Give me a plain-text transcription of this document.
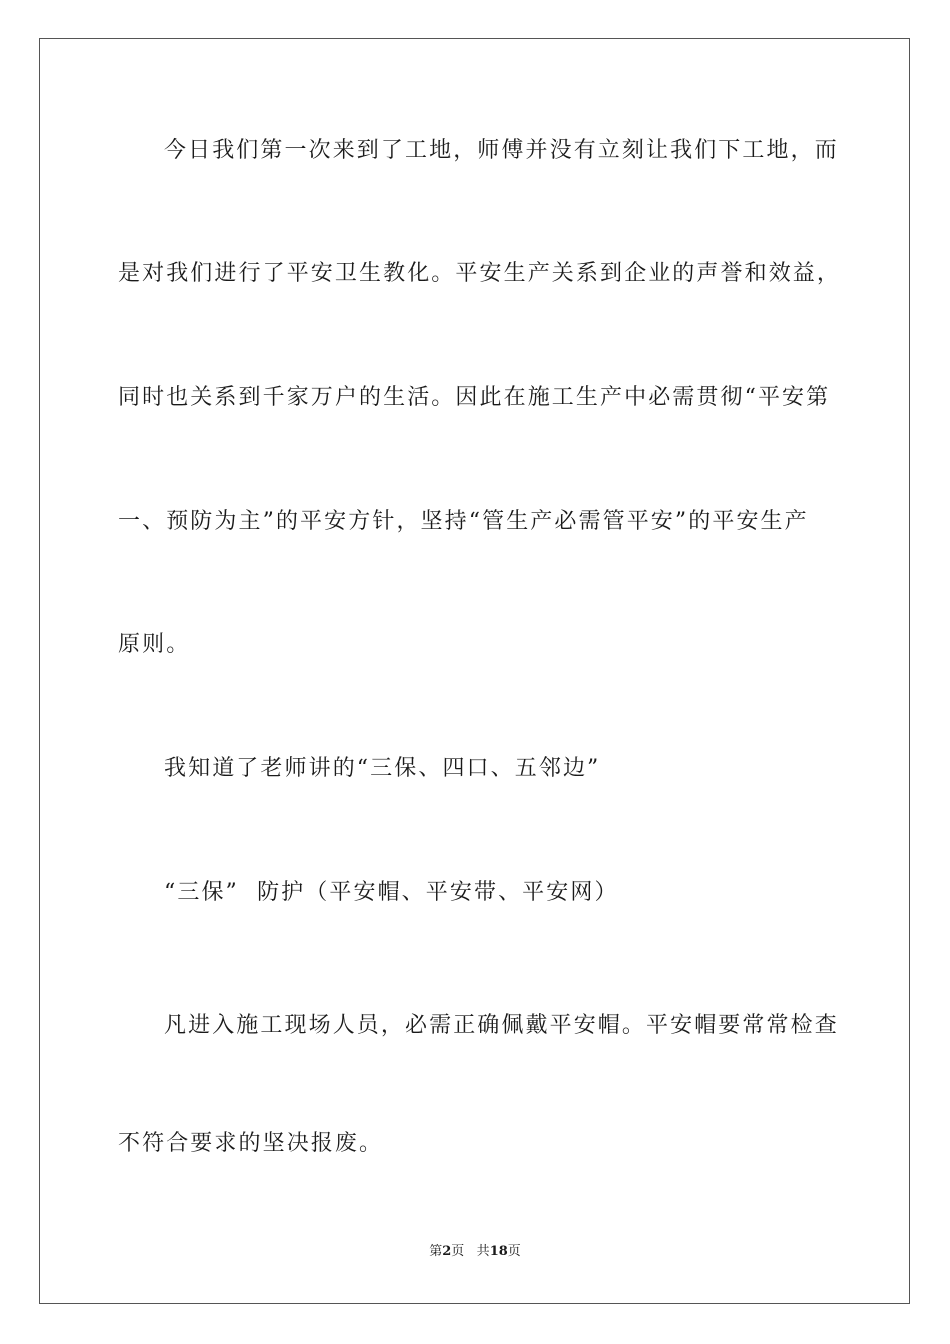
今日我们第一次来到了工地，师傅并没有立刻让我们下工地，而
是对我们进行了平安卫生教化。平安生产关系到企业的声誉和效益，
同时也关系到千家万户的生活。因此在施工生产中必需贯彻“平安第
一、预防为主”的平安方针，坚持“管生产必需管平安”的平安生产
原则。
我知道了老师讲的“三保、四口、五邻边”
“三保”  防护（平安帽、平安带、平安网）
凡进入施工现场人员，必需正确佩戴平安帽。平安帽要常常检查
不符合要求的坚决报废。
第2页 共18页
